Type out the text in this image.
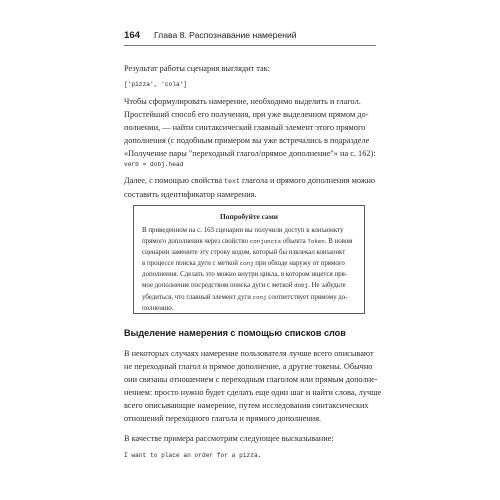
164 Глава 8. Распознавание намерений

Результат работы сценария выглядит так:

['pizza', 'cola']

Чтобы сформулировать намерение, необходимо выделить и глагол.
Простейший способ его получения, при уже выделенном прямом до-
полнении, — найти синтаксический главный элемент этого прямого
дополнения (с подобным примером вы уже встречались в подразделе
«Получение пары "переходный глагол/прямое дополнение"» на с. 162):

verb = dobj.head

Далее, с помощью свойства text глагола и прямого дополнения можно
составить идентификатор намерения.

Попробуйте сами

В приведенном на с. 163 сценарии вы получили доступ к конъюнкту
прямого дополнения через свойство conjuncts объекта Token. В новом
сценарии замените эту строку кодом, который бы извлекал конъюнкт
в процессе поиска дуги с меткой conj при обходе наружу от прямого
дополнения. Сделать это можно внутри цикла, в котором ищется пря-
мое дополнение посредством поиска дуги с меткой dobj. Не забудьте
убедиться, что главный элемент дуги conj соответствует прямому до-
полнению.

Выделение намерения с помощью списков слов

В некоторых случаях намерение пользователя лучше всего описывают
не переходный глагол и прямое дополнение, а другие токены. Обычно
они связаны отношением с переходным глаголом или прямым дополне-
нением: просто нужно будет сделать еще один шаг и найти слова, лучше
всего описывающие намерение, путем исследования синтаксических
отношений переходного глагола и прямого дополнения.

В качестве примера рассмотрим следующее высказывание:

I want to place an order for a pizza.
